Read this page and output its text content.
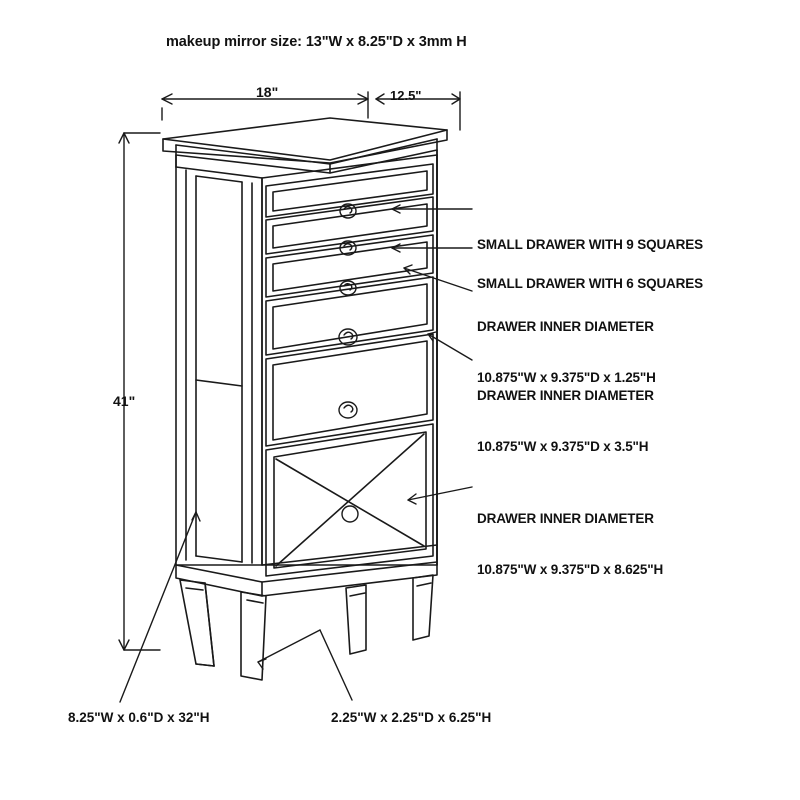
makeup mirror size: 13"W x 8.25"D x 3mm H
18"	12.5"
41"

SMALL DRAWER WITH 9 SQUARES

SMALL DRAWER WITH 6 SQUARES

DRAWER INNER DIAMETER

10.875"W x 9.375"D x 1.25"H

DRAWER INNER DIAMETER

10.875"W x 9.375"D x 3.5"H

DRAWER INNER DIAMETER

10.875"W x 9.375"D x 8.625"H

8.25"W x 0.6"D x 32"H	2.25"W x 2.25"D x 6.25"H
